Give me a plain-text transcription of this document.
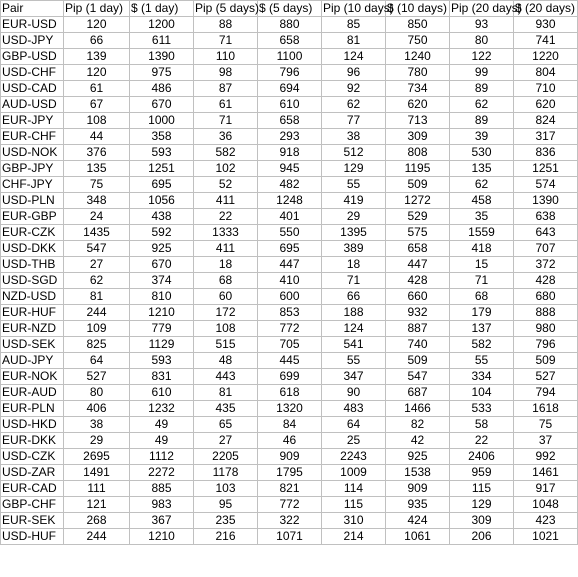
Pair	Pip (1 day)	$ (1 day)	Pip (5 days)	$ (5 days)	Pip (10 days)	$ (10 days)	Pip (20 days)	$ (20 days)
EUR-USD	120	1200	88	880	85	850	93	930
USD-JPY	66	611	71	658	81	750	80	741
GBP-USD	139	1390	110	1100	124	1240	122	1220
USD-CHF	120	975	98	796	96	780	99	804
USD-CAD	61	486	87	694	92	734	89	710
AUD-USD	67	670	61	610	62	620	62	620
EUR-JPY	108	1000	71	658	77	713	89	824
EUR-CHF	44	358	36	293	38	309	39	317
USD-NOK	376	593	582	918	512	808	530	836
GBP-JPY	135	1251	102	945	129	1195	135	1251
CHF-JPY	75	695	52	482	55	509	62	574
USD-PLN	348	1056	411	1248	419	1272	458	1390
EUR-GBP	24	438	22	401	29	529	35	638
EUR-CZK	1435	592	1333	550	1395	575	1559	643
USD-DKK	547	925	411	695	389	658	418	707
USD-THB	27	670	18	447	18	447	15	372
USD-SGD	62	374	68	410	71	428	71	428
NZD-USD	81	810	60	600	66	660	68	680
EUR-HUF	244	1210	172	853	188	932	179	888
EUR-NZD	109	779	108	772	124	887	137	980
USD-SEK	825	1129	515	705	541	740	582	796
AUD-JPY	64	593	48	445	55	509	55	509
EUR-NOK	527	831	443	699	347	547	334	527
EUR-AUD	80	610	81	618	90	687	104	794
EUR-PLN	406	1232	435	1320	483	1466	533	1618
USD-HKD	38	49	65	84	64	82	58	75
EUR-DKK	29	49	27	46	25	42	22	37
USD-CZK	2695	1112	2205	909	2243	925	2406	992
USD-ZAR	1491	2272	1178	1795	1009	1538	959	1461
EUR-CAD	111	885	103	821	114	909	115	917
GBP-CHF	121	983	95	772	115	935	129	1048
EUR-SEK	268	367	235	322	310	424	309	423
USD-HUF	244	1210	216	1071	214	1061	206	1021
